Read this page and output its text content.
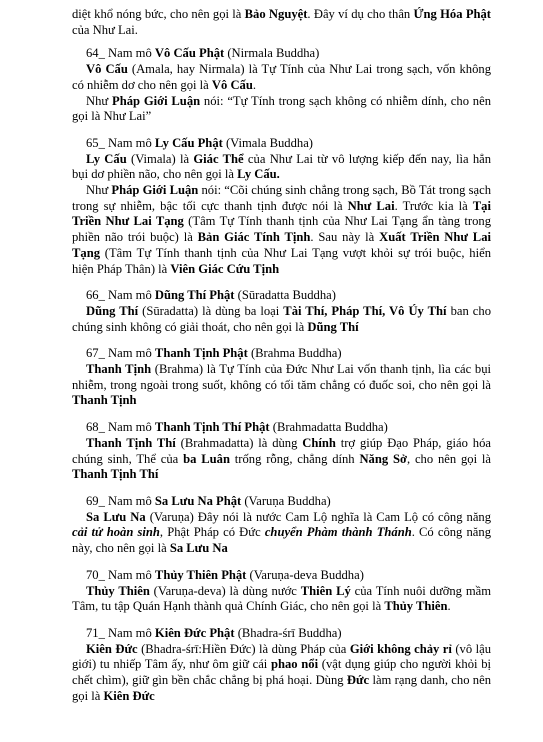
diệt khổ nóng bức, cho nên gọi là Bảo Nguyệt. Đây ví dụ cho thân Ứng Hóa Phật của Như Lai.

64_ Nam mô Vô Cấu Phật (Nirmala Buddha)

Vô Cấu (Amala, hay Nirmala) là Tự Tính của Như Lai trong sạch, vốn không có nhiễm dơ cho nên gọi là Vô Cấu.

Như Pháp Giới Luận nói: “Tự Tính trong sạch không có nhiễm dính, cho nên gọi là Như Lai”

65_ Nam mô Ly Cấu Phật (Vimala Buddha)

Ly Cấu (Vimala) là Giác Thể của Như Lai từ vô lượng kiếp đến nay, lìa hẳn bụi dơ phiền não, cho nên gọi là Ly Cấu.

Như Pháp Giới Luận nói: “Cõi chúng sinh chẳng trong sạch, Bồ Tát trong sạch trong sự nhiễm, bậc tối cực thanh tịnh được nói là Như Lai. Trước kia là Tại Triền Như Lai Tạng (Tâm Tự Tính thanh tịnh của Như Lai Tạng ẩn tàng trong phiền não trói buộc) là Bản Giác Tính Tịnh. Sau này là Xuất Triền Như Lai Tạng (Tâm Tự Tính thanh tịnh của Như Lai Tạng vượt khỏi sự trói buộc, hiển hiện Pháp Thân) là Viên Giác Cứu Tịnh

66_ Nam mô Dũng Thí Phật (Sūradatta Buddha)

Dũng Thí (Sūradatta) là dùng ba loại Tài Thí, Pháp Thí, Vô Úy Thí ban cho chúng sinh không có giải thoát, cho nên gọi là Dũng Thí

67_ Nam mô Thanh Tịnh Phật (Brahma Buddha)

Thanh Tịnh (Brahma) là Tự Tính của Đức Như Lai vốn thanh tịnh, lìa các bụi nhiễm, trong ngoài trong suốt, không có tối tăm chẳng có đuốc soi, cho nên gọi là Thanh Tịnh

68_ Nam mô Thanh Tịnh Thí Phật (Brahmadatta Buddha)

Thanh Tịnh Thí (Brahmadatta) là dùng Chính trợ giúp Đạo Pháp, giáo hóa chúng sinh, Thể của ba Luân trống rỗng, chẳng dính Năng Sở, cho nên gọi là Thanh Tịnh Thí

69_ Nam mô Sa Lưu Na Phật (Varuṇa Buddha)

Sa Lưu Na (Varuṇa) Đây nói là nước Cam Lộ nghĩa là Cam Lộ có công năng cải tử hoàn sinh, Phật Pháp có Đức chuyển Phàm thành Thánh. Có công năng này, cho nên gọi là Sa Lưu Na

70_ Nam mô Thủy Thiên Phật (Varuṇa-deva Buddha)

Thủy Thiên (Varuṇa-deva) là dùng nước Thiên Lý của Tính nuôi dưỡng mầm Tâm, tu tập Quán Hạnh thành quả Chính Giác, cho nên gọi là Thủy Thiên.

71_ Nam mô Kiên Đức Phật (Bhadra-śrī Buddha)

Kiên Đức (Bhadra-śrī:Hiền Đức) là dùng Pháp của Giới không chảy rỉ (vô lậu giới) tu nhiếp Tâm ấy, như ôm giữ cái phao nổi (vật dụng giúp cho người khỏi bị chết chìm), giữ gìn bền chắc chẳng bị phá hoại. Dùng Đức làm rạng danh, cho nên gọi là Kiên Đức
